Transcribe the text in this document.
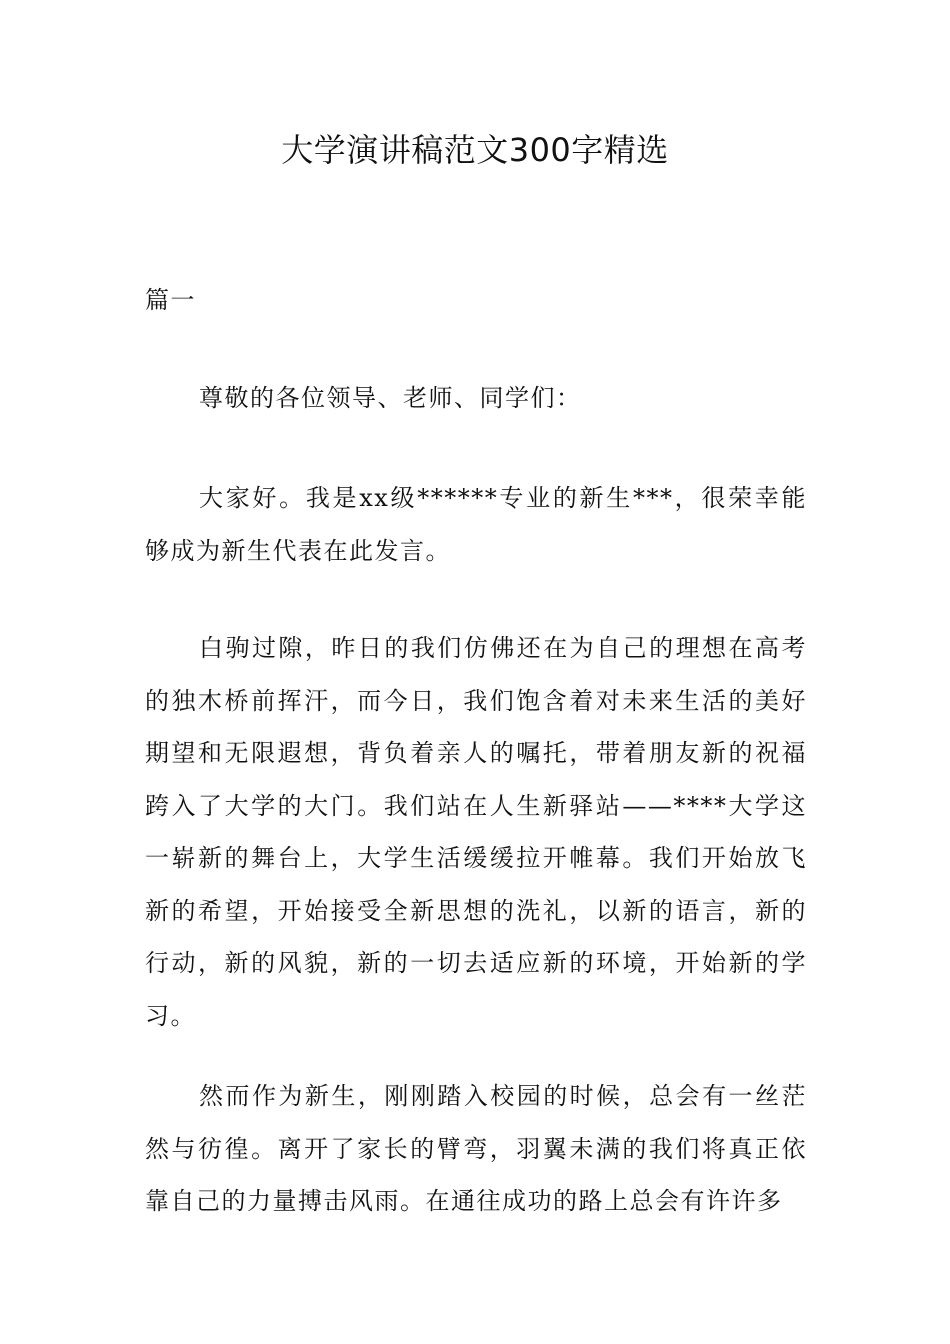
大学演讲稿范文300字精选

篇一

尊敬的各位领导、老师、同学们：

大家好。我是xx级******专业的新生***，很荣幸能够成为新生代表在此发言。

白驹过隙，昨日的我们仿佛还在为自己的理想在高考的独木桥前挥汗，而今日，我们饱含着对未来生活的美好期望和无限遐想，背负着亲人的嘱托，带着朋友新的祝福跨入了大学的大门。我们站在人生新驿站——****大学这一崭新的舞台上，大学生活缓缓拉开帷幕。我们开始放飞新的希望，开始接受全新思想的洗礼，以新的语言，新的行动，新的风貌，新的一切去适应新的环境，开始新的学习。

然而作为新生，刚刚踏入校园的时候，总会有一丝茫然与彷徨。离开了家长的臂弯，羽翼未满的我们将真正依靠自己的力量搏击风雨。在通往成功的路上总会有许许多
